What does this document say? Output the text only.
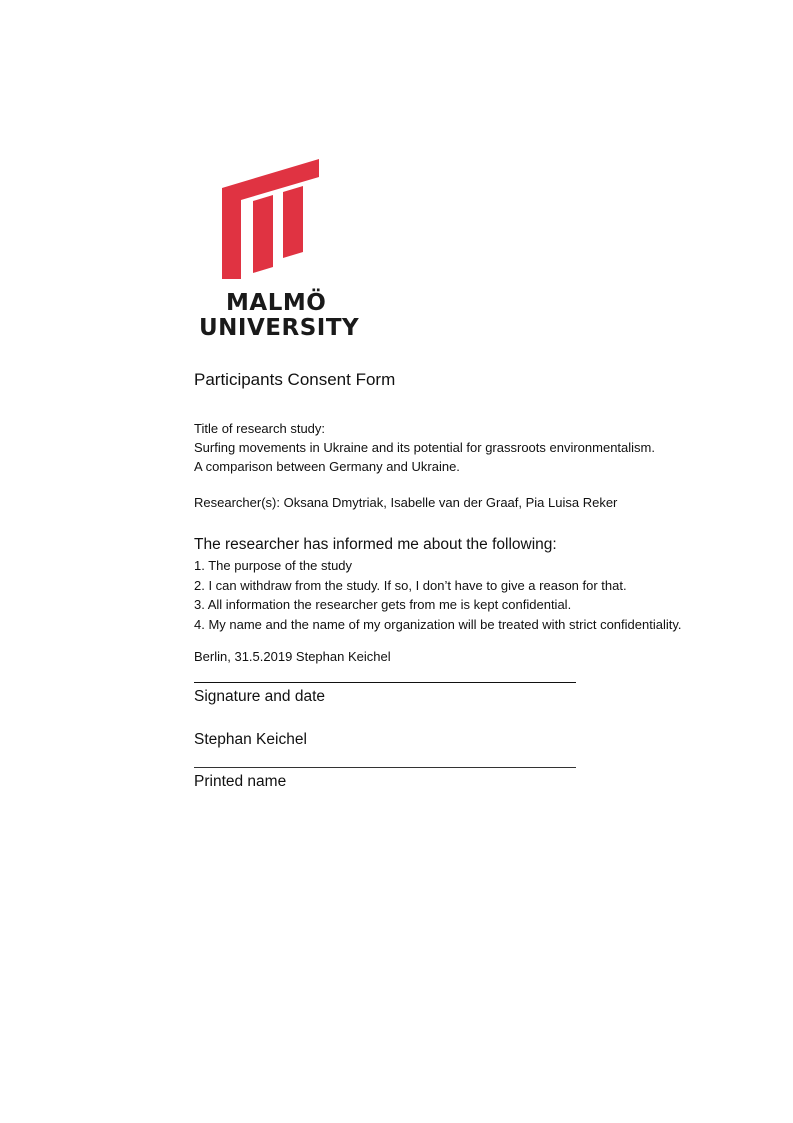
MALMÖ
UNIVERSITY
Participants Consent Form
Title of research study:
Surfing movements in Ukraine and its potential for grassroots environmentalism.
A comparison between Germany and Ukraine.
Researcher(s): Oksana Dmytriak, Isabelle van der Graaf, Pia Luisa Reker
The researcher has informed me about the following:
1. The purpose of the study
2. I can withdraw from the study. If so, I don’t have to give a reason for that.
3. All information the researcher gets from me is kept confidential.
4. My name and the name of my organization will be treated with strict confidentiality.
Berlin, 31.5.2019 Stephan Keichel
Signature and date
Stephan Keichel
Printed name
